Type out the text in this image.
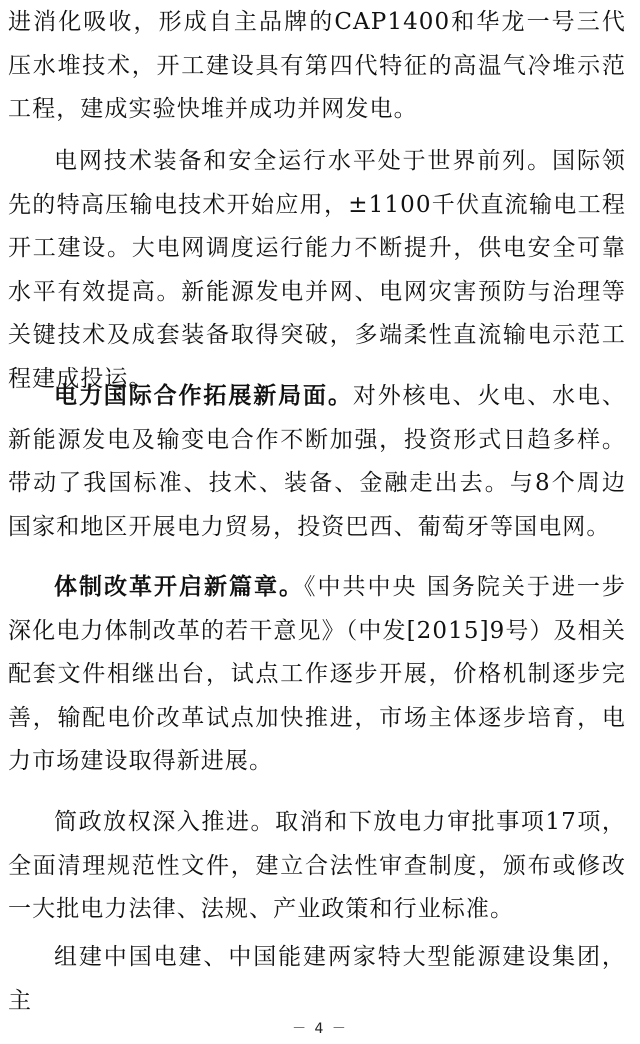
进消化吸收，形成自主品牌的CAP1400和华龙一号三代压水堆技术，开工建设具有第四代特征的高温气冷堆示范工程，建成实验快堆并成功并网发电。

电网技术装备和安全运行水平处于世界前列。国际领先的特高压输电技术开始应用，±1100千伏直流输电工程开工建设。大电网调度运行能力不断提升，供电安全可靠水平有效提高。新能源发电并网、电网灾害预防与治理等关键技术及成套装备取得突破，多端柔性直流输电示范工程建成投运。

电力国际合作拓展新局面。对外核电、火电、水电、新能源发电及输变电合作不断加强，投资形式日趋多样。带动了我国标准、技术、装备、金融走出去。与8个周边国家和地区开展电力贸易，投资巴西、葡萄牙等国电网。

体制改革开启新篇章。《中共中央 国务院关于进一步深化电力体制改革的若干意见》（中发[2015]9号）及相关配套文件相继出台，试点工作逐步开展，价格机制逐步完善，输配电价改革试点加快推进，市场主体逐步培育，电力市场建设取得新进展。

简政放权深入推进。取消和下放电力审批事项17项，全面清理规范性文件，建立合法性审查制度，颁布或修改一大批电力法律、法规、产业政策和行业标准。

组建中国电建、中国能建两家特大型能源建设集团，主

－ 4 －
